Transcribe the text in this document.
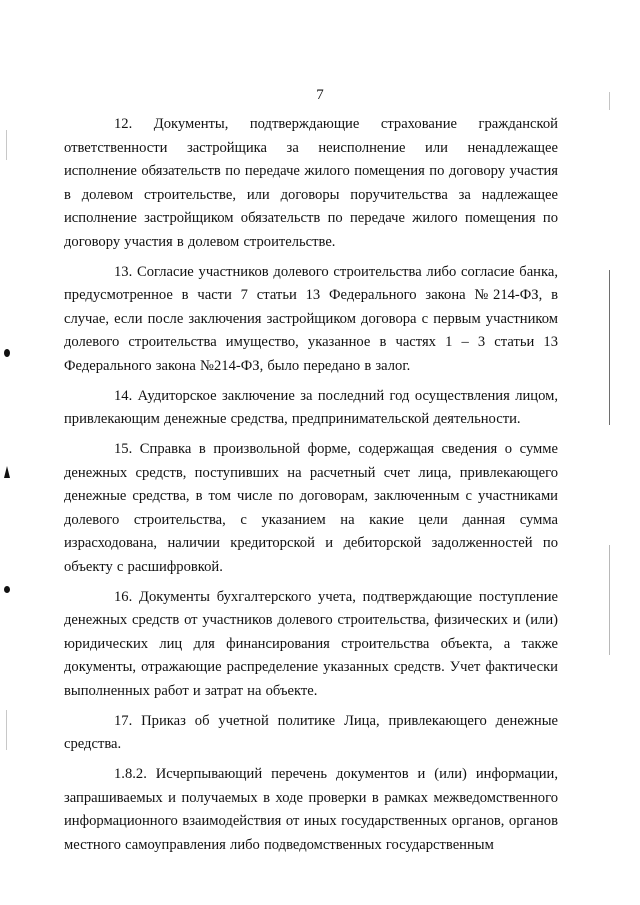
7

12. Документы, подтверждающие страхование гражданской ответственности застройщика за неисполнение или ненадлежащее исполнение обязательств по передаче жилого помещения по договору участия в долевом строительстве, или договоры поручительства за надлежащее исполнение застройщиком обязательств по передаче жилого помещения по договору участия в долевом строительстве.

13. Согласие участников долевого строительства либо согласие банка, предусмотренное в части 7 статьи 13 Федерального закона №214-ФЗ, в случае, если после заключения застройщиком договора с первым участником долевого строительства имущество, указанное в частях 1 – 3 статьи 13 Федерального закона №214-ФЗ, было передано в залог.

14. Аудиторское заключение за последний год осуществления лицом, привлекающим денежные средства, предпринимательской деятельности.

15. Справка в произвольной форме, содержащая сведения о сумме денежных средств, поступивших на расчетный счет лица, привлекающего денежные средства, в том числе по договорам, заключенным с участниками долевого строительства, с указанием на какие цели данная сумма израсходована, наличии кредиторской и дебиторской задолженностей по объекту с расшифровкой.

16. Документы бухгалтерского учета, подтверждающие поступление денежных средств от участников долевого строительства, физических и (или) юридических лиц для финансирования строительства объекта, а также документы, отражающие распределение указанных средств. Учет фактически выполненных работ и затрат на объекте.

17. Приказ об учетной политике Лица, привлекающего денежные средства.

1.8.2. Исчерпывающий перечень документов и (или) информации, запрашиваемых и получаемых в ходе проверки в рамках межведомственного информационного взаимодействия от иных государственных органов, органов местного самоуправления либо подведомственных государственным
